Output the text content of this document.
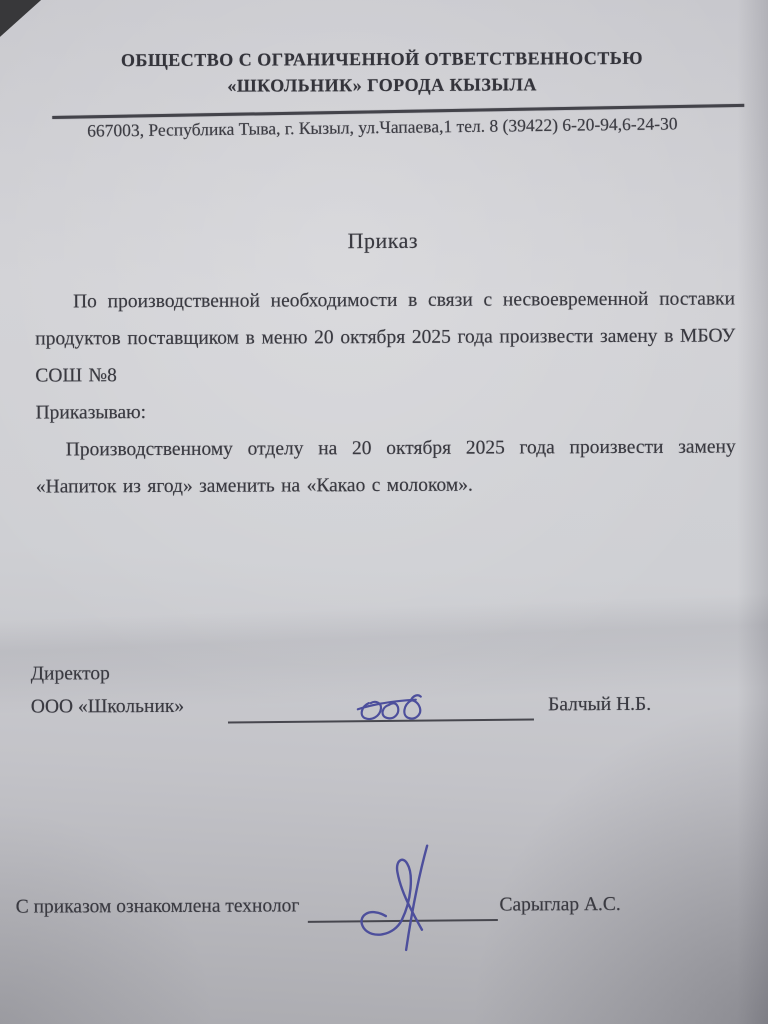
ОБЩЕСТВО С ОГРАНИЧЕННОЙ ОТВЕТСТВЕННОСТЬЮ
«ШКОЛЬНИК» ГОРОДА КЫЗЫЛА
667003, Республика Тыва, г. Кызыл, ул.Чапаева,1 тел. 8 (39422) 6-20-94,6-24-30
Приказ

По производственной необходимости в связи с несвоевременной поставки продуктов поставщиком в меню 20 октября 2025 года произвести замену в МБОУ СОШ №8

Приказываю:

Производственному отделу на 20 октября 2025 года произвести замену «Напиток из ягод» заменить на «Какао с молоком».

Директор
ООО «Школьник»	Балчый Н.Б.
С приказом ознакомлена технолог	Сарыглар А.С.
